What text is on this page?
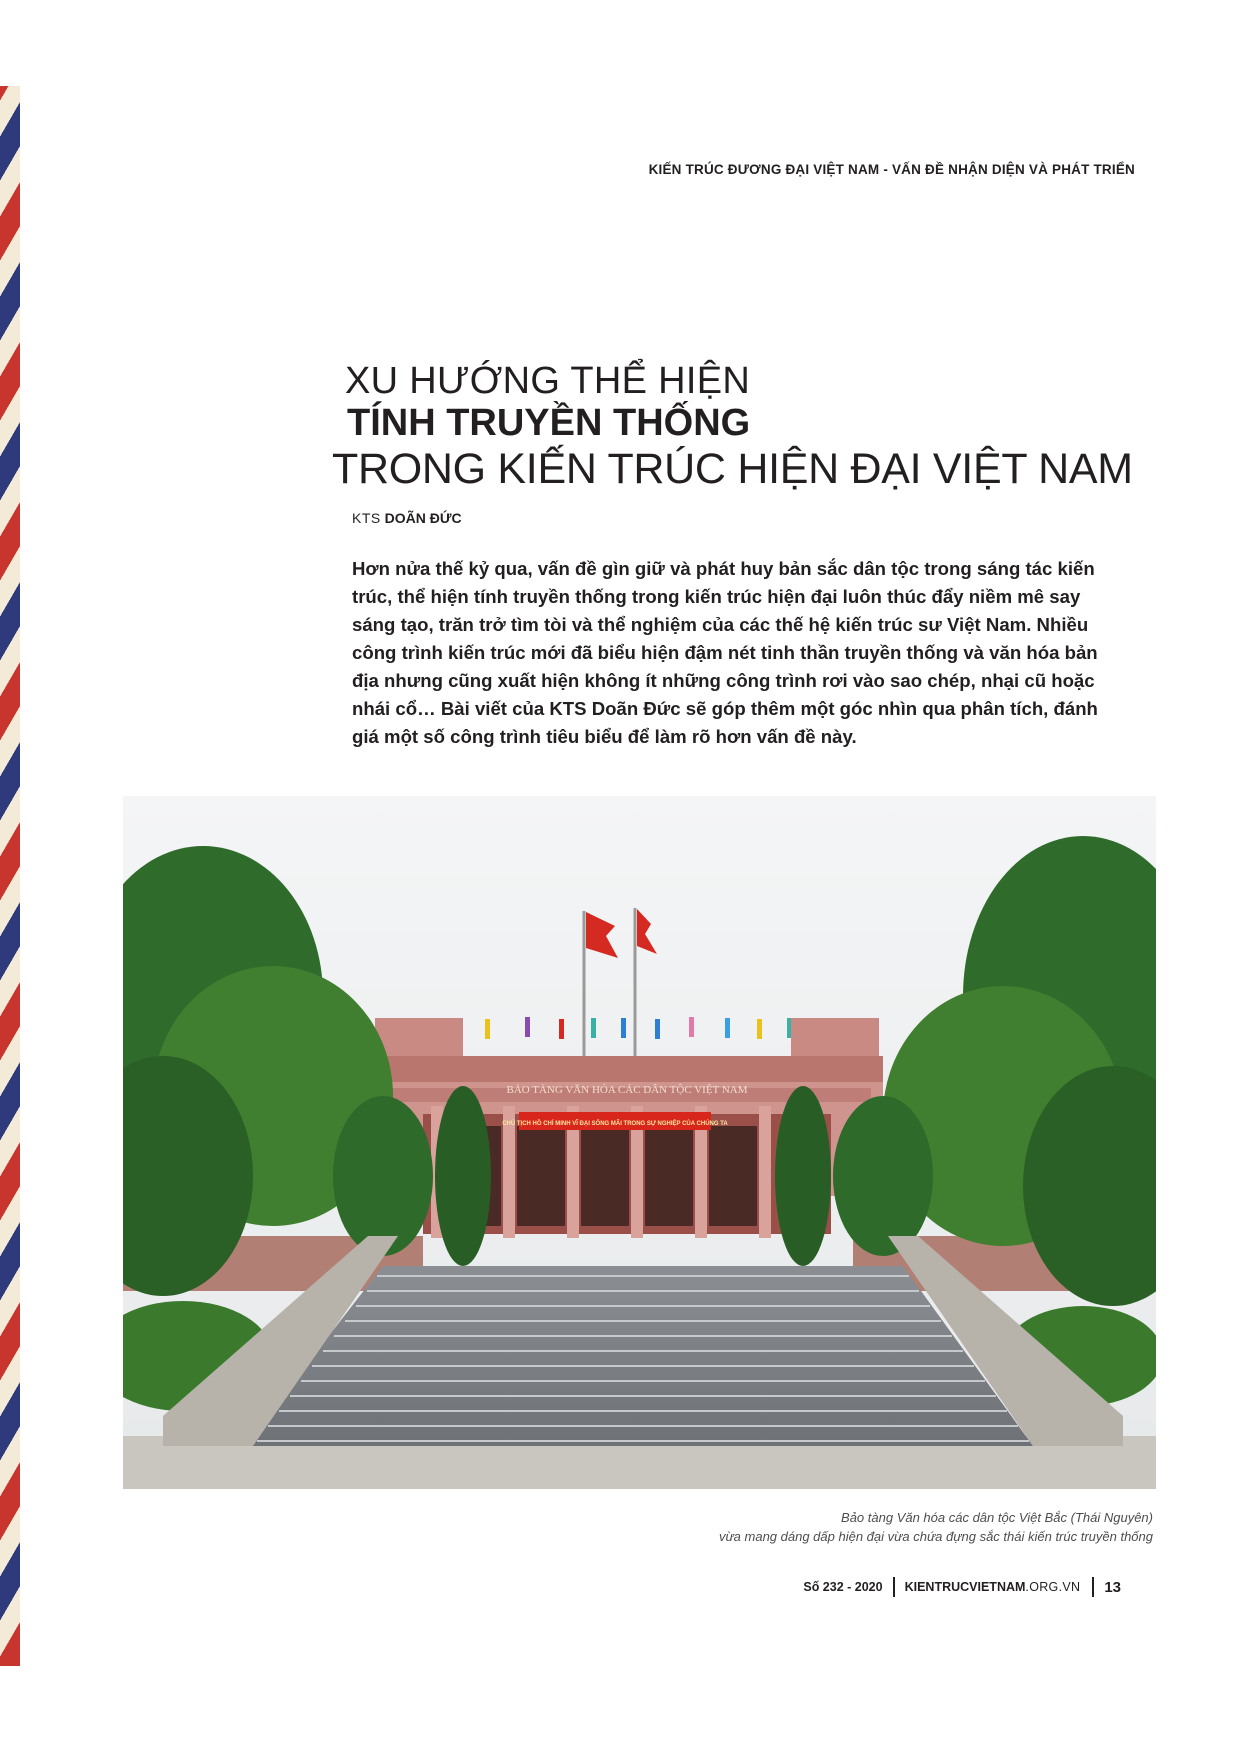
KIẾN TRÚC ĐƯƠNG ĐẠI VIỆT NAM - VẤN ĐỀ NHẬN DIỆN VÀ PHÁT TRIỂN
XU HƯỚNG THỂ HIỆN
TÍNH TRUYỀN THỐNG
TRONG KIẾN TRÚC HIỆN ĐẠI VIỆT NAM
KTS DOÃN ĐỨC
Hơn nửa thế kỷ qua, vấn đề gìn giữ và phát huy bản sắc dân tộc trong sáng tác kiến
trúc, thể hiện tính truyền thống trong kiến trúc hiện đại luôn thúc đẩy niềm mê say
sáng tạo, trăn trở tìm tòi và thể nghiệm của các thế hệ kiến trúc sư Việt Nam. Nhiều
công trình kiến trúc mới đã biểu hiện đậm nét tinh thần truyền thống và văn hóa bản
địa nhưng cũng xuất hiện không ít những công trình rơi vào sao chép, nhại cũ hoặc
nhái cổ… Bài viết của KTS Doãn Đức sẽ góp thêm một góc nhìn qua phân tích, đánh
giá một số công trình tiêu biểu để làm rõ hơn vấn đề này.
BẢO TÀNG VĂN HÓA CÁC DÂN TỘC VIỆT NAM
CHỦ TỊCH HỒ CHÍ MINH VĨ ĐẠI SỐNG MÃI TRONG SỰ NGHIỆP CỦA CHÚNG TA
Bảo tàng Văn hóa các dân tộc Việt Bắc (Thái Nguyên)
vừa mang dáng dấp hiện đại vừa chứa đựng sắc thái kiến trúc truyền thống
Số 232 - 2020	KIENTRUCVIETNAM.ORG.VN	13
